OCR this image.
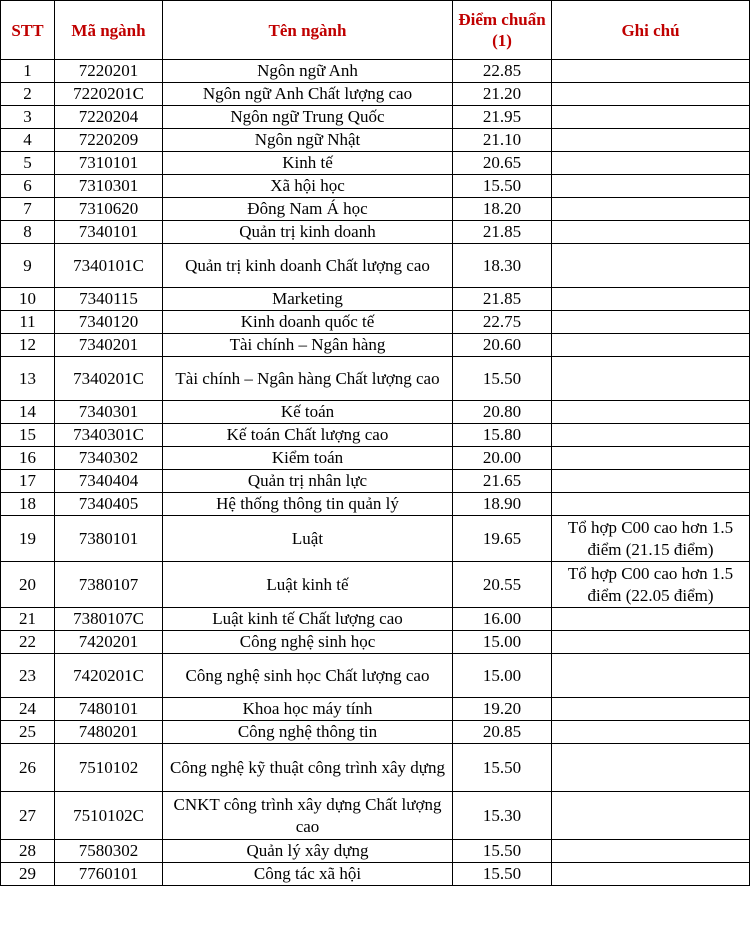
STT	Mã ngành	Tên ngành	Điểm chuẩn (1)	Ghi chú
1	7220201	Ngôn ngữ Anh	22.85	
2	7220201C	Ngôn ngữ Anh Chất lượng cao	21.20	
3	7220204	Ngôn ngữ Trung Quốc	21.95	
4	7220209	Ngôn ngữ Nhật	21.10	
5	7310101	Kinh tế	20.65	
6	7310301	Xã hội học	15.50	
7	7310620	Đông Nam Á học	18.20	
8	7340101	Quản trị kinh doanh	21.85	
9	7340101C	Quản trị kinh doanh Chất lượng cao	18.30	
10	7340115	Marketing	21.85	
11	7340120	Kinh doanh quốc tế	22.75	
12	7340201	Tài chính – Ngân hàng	20.60	
13	7340201C	Tài chính – Ngân hàng Chất lượng cao	15.50	
14	7340301	Kế toán	20.80	
15	7340301C	Kế toán Chất lượng cao	15.80	
16	7340302	Kiểm toán	20.00	
17	7340404	Quản trị nhân lực	21.65	
18	7340405	Hệ thống thông tin quản lý	18.90	
19	7380101	Luật	19.65	Tổ hợp C00 cao hơn 1.5 điểm (21.15 điểm)
20	7380107	Luật kinh tế	20.55	Tổ hợp C00 cao hơn 1.5 điểm (22.05 điểm)
21	7380107C	Luật kinh tế Chất lượng cao	16.00	
22	7420201	Công nghệ sinh học	15.00	
23	7420201C	Công nghệ sinh học Chất lượng cao	15.00	
24	7480101	Khoa học máy tính	19.20	
25	7480201	Công nghệ thông tin	20.85	
26	7510102	Công nghệ kỹ thuật công trình xây dựng	15.50	
27	7510102C	CNKT công trình xây dựng Chất lượng cao	15.30	
28	7580302	Quản lý xây dựng	15.50	
29	7760101	Công tác xã hội	15.50	
